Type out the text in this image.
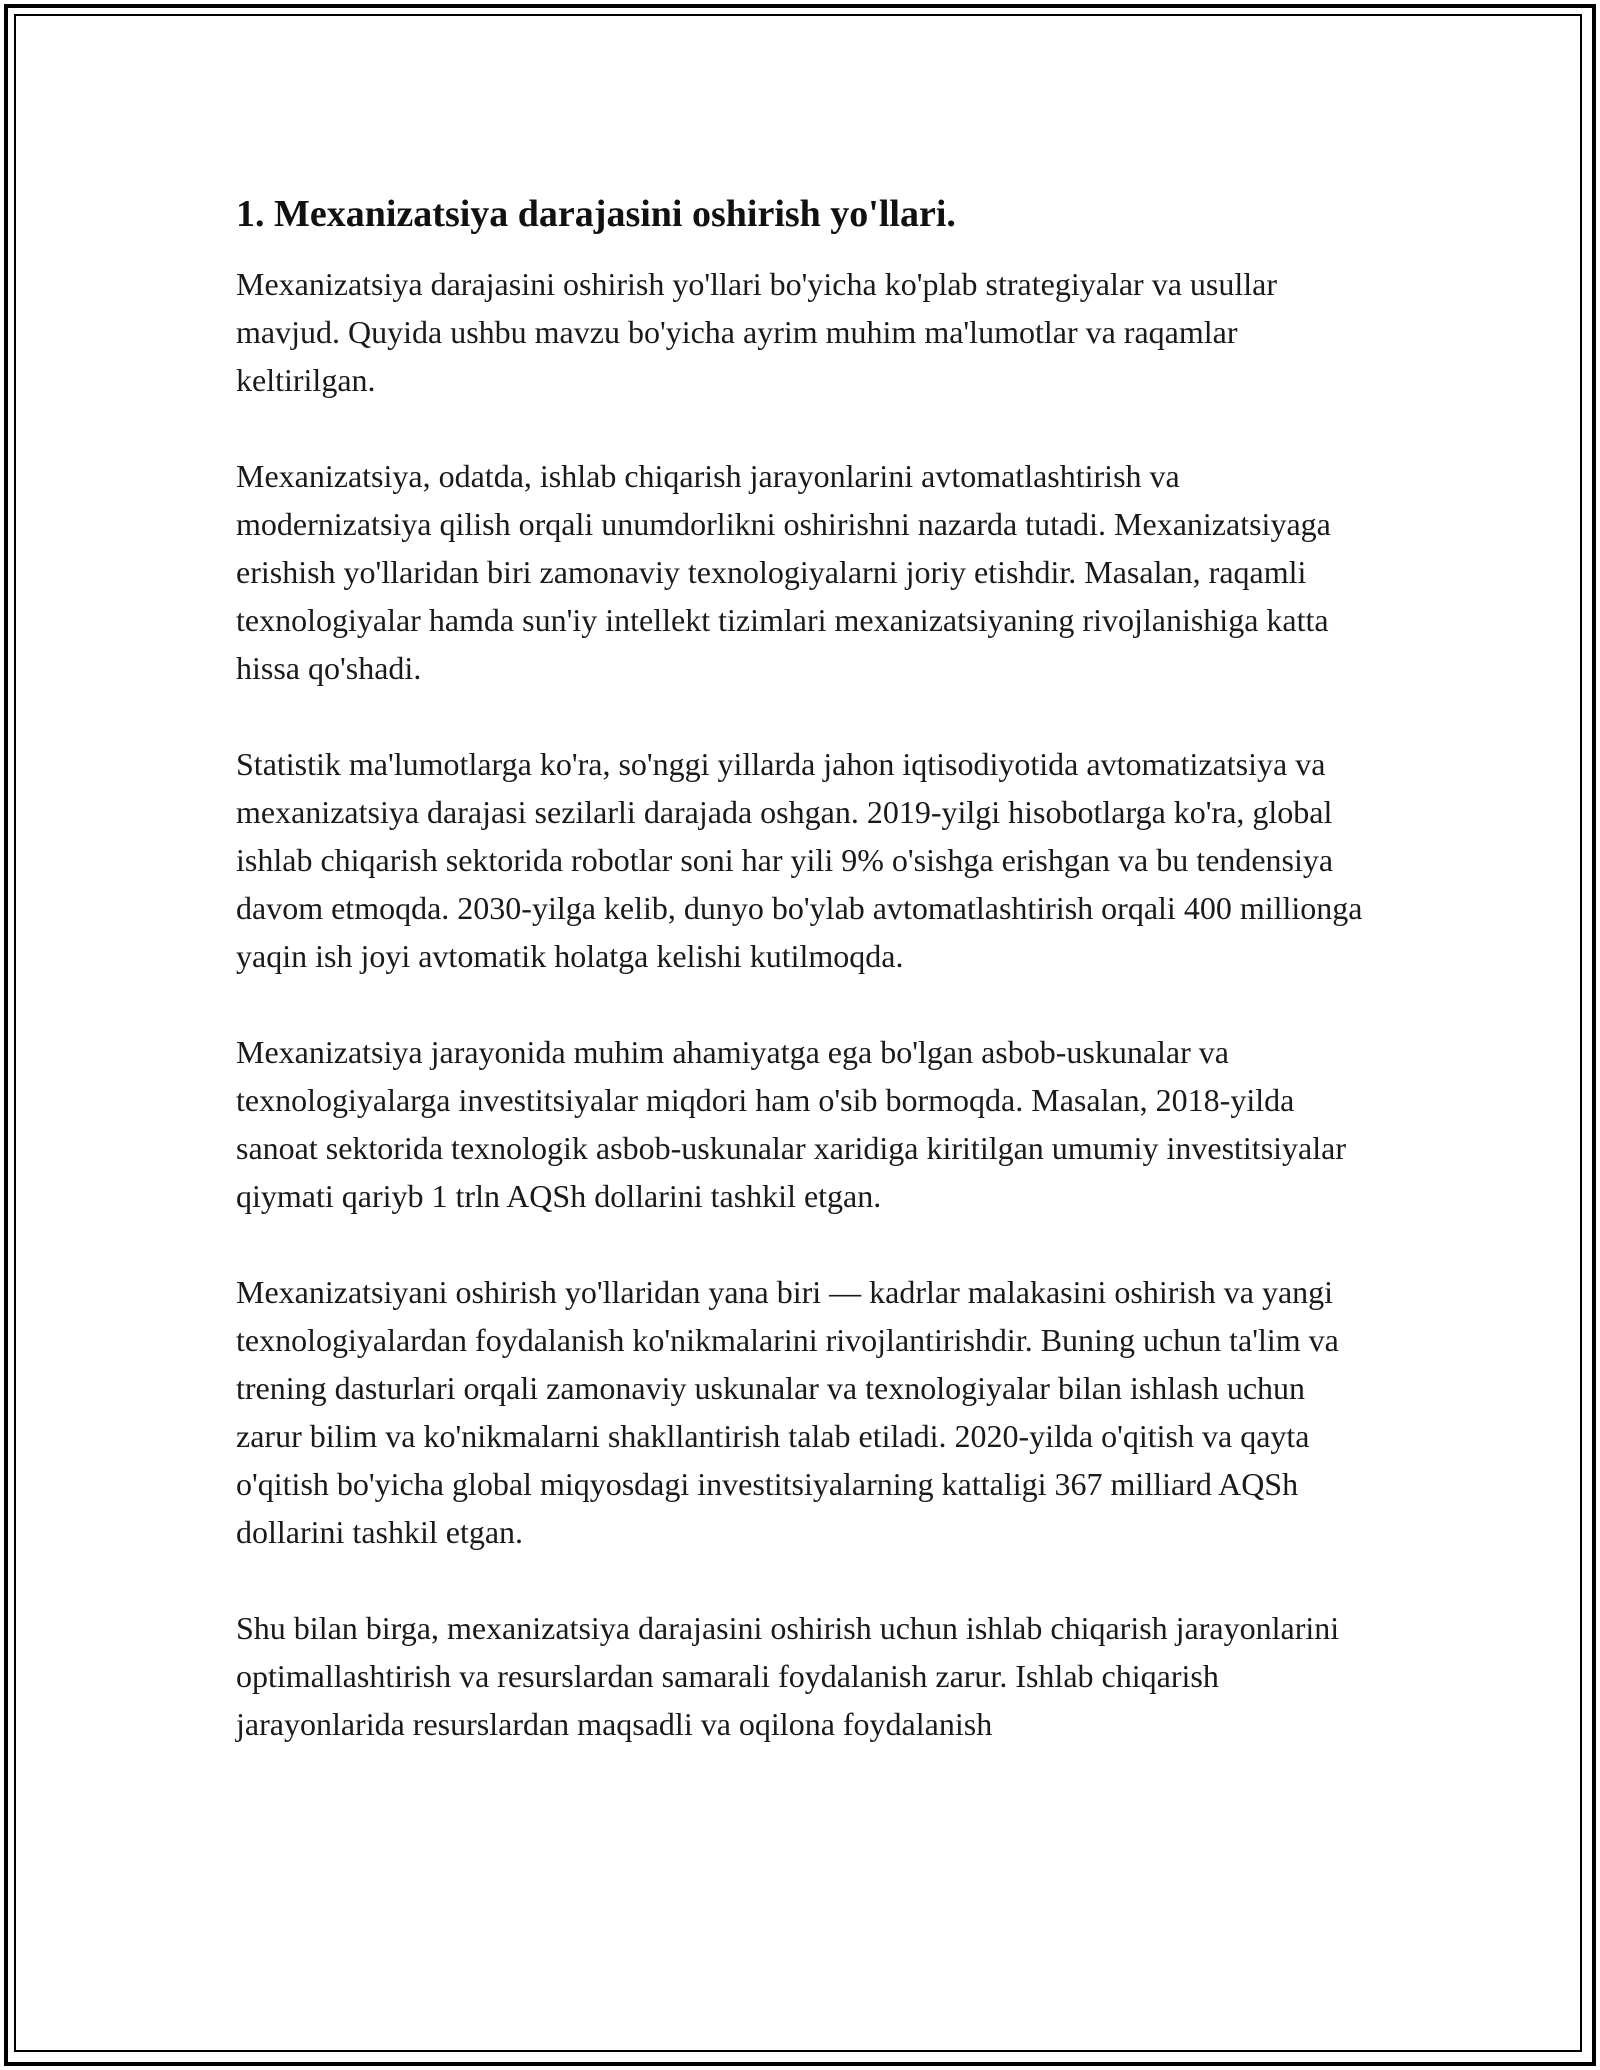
1. Mexanizatsiya darajasini oshirish yo'llari.

Mexanizatsiya darajasini oshirish yo'llari bo'yicha ko'plab strategiyalar va usullar mavjud. Quyida ushbu mavzu bo'yicha ayrim muhim ma'lumotlar va raqamlar keltirilgan.

Mexanizatsiya, odatda, ishlab chiqarish jarayonlarini avtomatlashtirish va modernizatsiya qilish orqali unumdorlikni oshirishni nazarda tutadi. Mexanizatsiyaga erishish yo'llaridan biri zamonaviy texnologiyalarni joriy etishdir. Masalan, raqamli texnologiyalar hamda sun'iy intellekt tizimlari mexanizatsiyaning rivojlanishiga katta hissa qo'shadi.

Statistik ma'lumotlarga ko'ra, so'nggi yillarda jahon iqtisodiyotida avtomatizatsiya va mexanizatsiya darajasi sezilarli darajada oshgan. 2019-yilgi hisobotlarga ko'ra, global ishlab chiqarish sektorida robotlar soni har yili 9% o'sishga erishgan va bu tendensiya davom etmoqda. 2030-yilga kelib, dunyo bo'ylab avtomatlashtirish orqali 400 millionga yaqin ish joyi avtomatik holatga kelishi kutilmoqda.

Mexanizatsiya jarayonida muhim ahamiyatga ega bo'lgan asbob-uskunalar va texnologiyalarga investitsiyalar miqdori ham o'sib bormoqda. Masalan, 2018-yilda sanoat sektorida texnologik asbob-uskunalar xaridiga kiritilgan umumiy investitsiyalar qiymati qariyb 1 trln AQSh dollarini tashkil etgan.

Mexanizatsiyani oshirish yo'llaridan yana biri — kadrlar malakasini oshirish va yangi texnologiyalardan foydalanish ko'nikmalarini rivojlantirishdir. Buning uchun ta'lim va trening dasturlari orqali zamonaviy uskunalar va texnologiyalar bilan ishlash uchun zarur bilim va ko'nikmalarni shakllantirish talab etiladi. 2020-yilda o'qitish va qayta o'qitish bo'yicha global miqyosdagi investitsiyalarning kattaligi 367 milliard AQSh dollarini tashkil etgan.

Shu bilan birga, mexanizatsiya darajasini oshirish uchun ishlab chiqarish jarayonlarini optimallashtirish va resurslardan samarali foydalanish zarur. Ishlab chiqarish jarayonlarida resurslardan maqsadli va oqilona foydalanish
